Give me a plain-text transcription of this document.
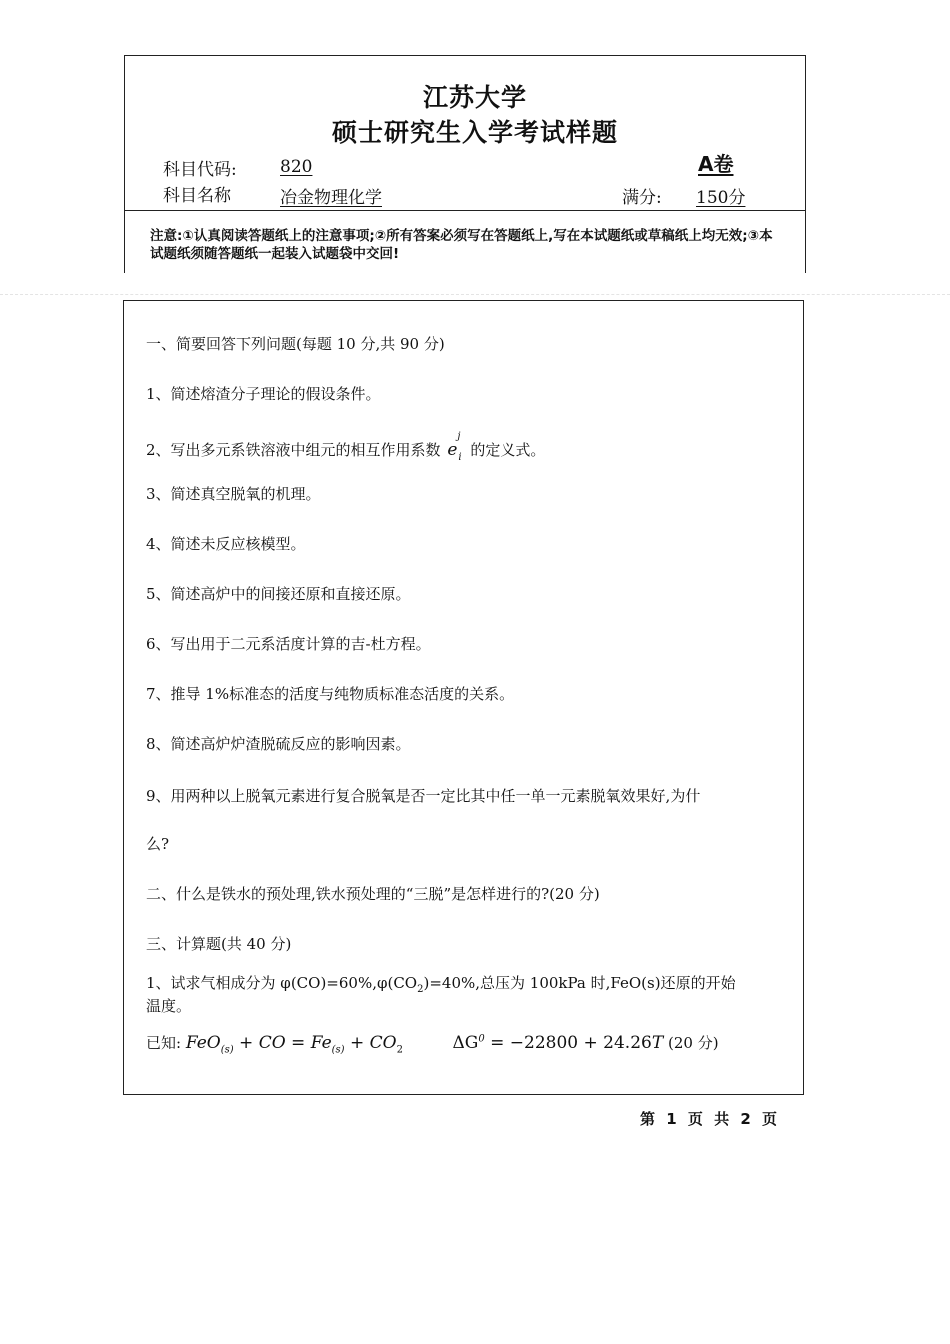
江苏大学
硕士研究生入学考试样题
科目代码:	820	A卷
科目名称	冶金物理化学	满分: 150分
注意:①认真阅读答题纸上的注意事项;②所有答案必须写在答题纸上,写在本试题纸或草稿纸上均无效;③本试题纸须随答题纸一起装入试题袋中交回!
一、简要回答下列问题(每题 10 分,共 90 分)
1、简述熔渣分子理论的假设条件。
2、写出多元系铁溶液中组元的相互作用系数 e
j
$_i$ 的定义式。
3、简述真空脱氧的机理。
4、简述未反应核模型。
5、简述高炉中的间接还原和直接还原。
6、写出用于二元系活度计算的吉-杜方程。
7、推导 1%标准态的活度与纯物质标准态活度的关系。
8、简述高炉炉渣脱硫反应的影响因素。
9、用两种以上脱氧元素进行复合脱氧是否一定比其中任一单一元素脱氧效果好,为什
么?
二、什么是铁水的预处理,铁水预处理的“三脱”是怎样进行的?(20 分)
三、计算题(共 40 分)
1、试求气相成分为 $\varphi(CO)=60\%,\varphi(CO_2)=40\%$,总压为 100kPa 时,FeO(s)还原的开始
温度。
已知: FeO$_{(s)}$ + CO = $Fe_{(s)} + CO_2$	$\Delta G^0 = -22800 + 24.26T$ (20 分)
第 1 页 共 2 页
